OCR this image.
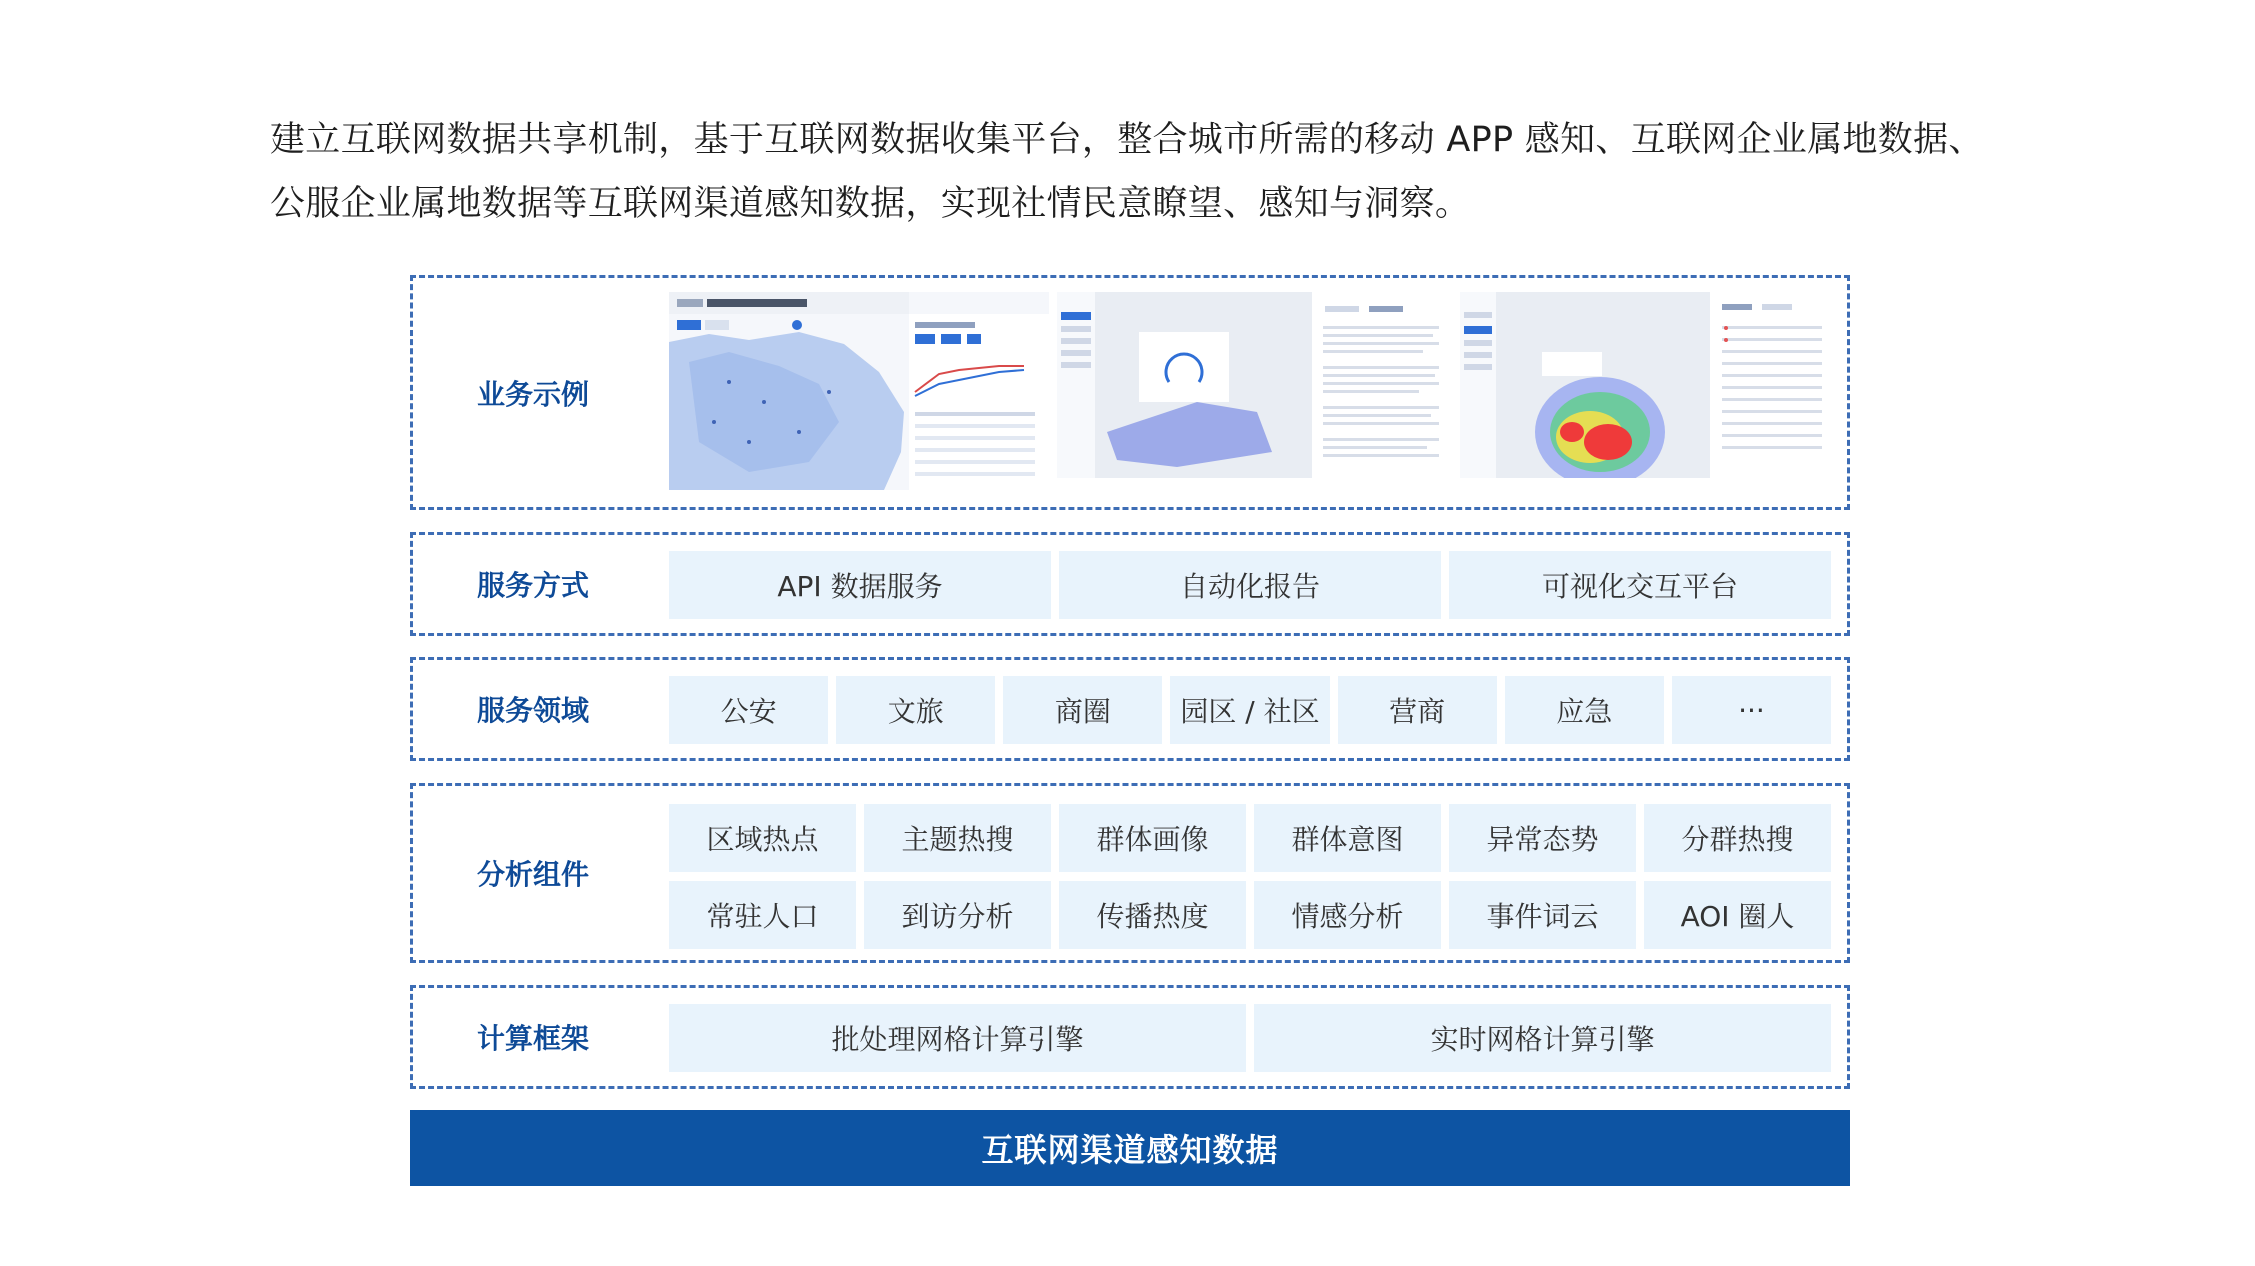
建立互联网数据共享机制，基于互联网数据收集平台，整合城市所需的移动 APP 感知、互联网企业属地数据、

公服企业属地数据等互联网渠道感知数据，实现社情民意瞭望、感知与洞察。

业务示例
服务方式	API 数据服务	自动化报告	可视化交互平台
服务领域	公安	文旅	商圈	园区 / 社区	营商	应急	···
分析组件
区域热点	主题热搜	群体画像	群体意图	异常态势	分群热搜
常驻人口	到访分析	传播热度	情感分析	事件词云	AOI 圈人
计算框架	批处理网格计算引擎	实时网格计算引擎
互联网渠道感知数据
